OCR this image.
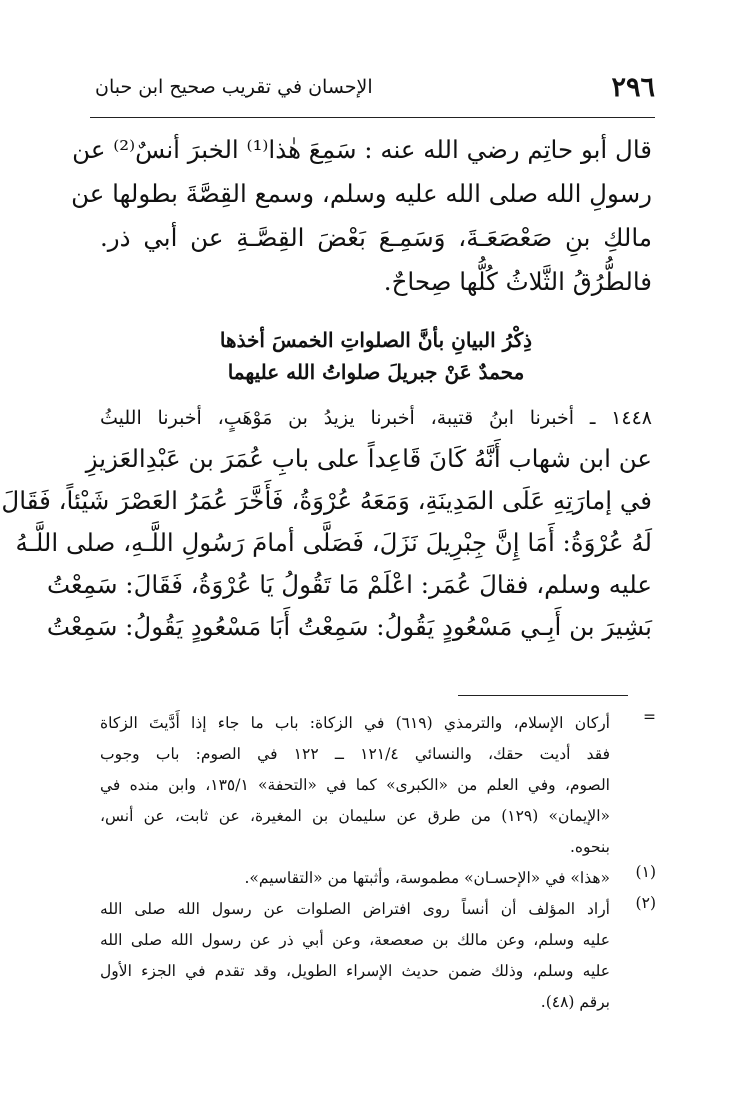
٢٩٦
الإحسان في تقريب صحيح ابن حبان
قال أبو حاتِم رضي الله عنه : سَمِعَ هٰذا⁽¹⁾ الخبرَ أنسٌ⁽²⁾ عن
رسولِ الله صلى الله عليه وسلم، وسمع القِصَّةَ بطولها عن
مالكِ بنِ صَعْصَعَـةَ، وَسَمِـعَ بَعْضَ القِصَّـةِ عن أبي ذر.
فالطُّرُقُ الثَّلاثُ كُلُّها صِحاحٌ.
ذِكْرُ البيانِ بأنَّ الصلواتِ الخمسَ أخذها
محمدٌ عَنْ جبريلَ صلواتُ الله عليهما
١٤٤٨ ـ أخبرنا ابنُ قتيبة، أخبرنا يزيدُ بن مَوْهَبٍ، أخبرنا الليثُ
عن ابن شهاب أَنَّهُ كَانَ قَاعِداً على بابِ عُمَرَ بن عَبْدِالعَزيزِ
في إمارَتِهِ عَلَى المَدِينَةِ، وَمَعَهُ عُرْوَةُ، فَأَخَّرَ عُمَرُ العَصْرَ شَيْئاً، فَقَالَ
لَهُ عُرْوَةُ: أَمَا إِنَّ جِبْرِيلَ نَزَلَ، فَصَلَّى أمامَ رَسُولِ اللَّـهِ، صلى اللَّـهُ
عليه وسلم، فقالَ عُمَر: اعْلَمْ مَا تَقُولُ يَا عُرْوَةُ، فَقَالَ: سَمِعْتُ
بَشِيرَ بن أَبِـي مَسْعُودٍ يَقُولُ: سَمِعْتُ أَبَا مَسْعُودٍ يَقُولُ: سَمِعْتُ
=
أركان الإسلام، والترمذي (٦١٩) في الزكاة: باب ما جاء إذا أَدَّيتَ الزكاة
فقد أديت حقك، والنسائي ١٢١/٤ ــ ١٢٢ في الصوم: باب وجوب
الصوم، وفي العلم من «الكبرى» كما في «التحفة» ١٣٥/١، وابن منده في
«الإيمان» (١٢٩) من طرق عن سليمان بن المغيرة، عن ثابت، عن أنس،
بنحوه.
(١)
«هذا» في «الإحسـان» مطموسة، وأثبتها من «التقاسيم».
(٢)
أراد المؤلف أن أنساً روى افتراض الصلوات عن رسول الله صلى الله
عليه وسلم، وعن مالك بن صعصعة، وعن أبي ذر عن رسول الله صلى الله
عليه وسلم، وذلك ضمن حديث الإسراء الطويل، وقد تقدم في الجزء الأول
برقم (٤٨).
